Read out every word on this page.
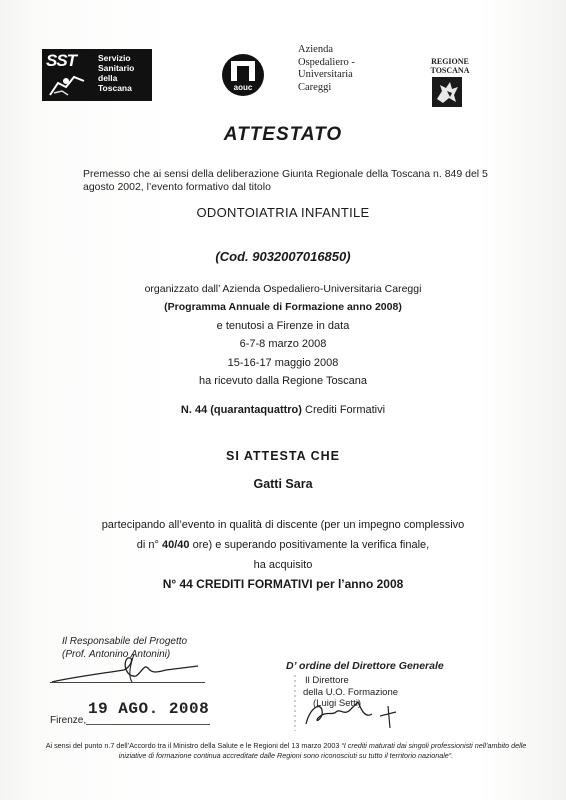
SST	Servizio
Sanitario
della
Toscana	aouc
Azienda
Ospedaliero -
Universitaria
Careggi
REGIONE
TOSCANA
ATTESTATO
Premesso che ai sensi della deliberazione Giunta Regionale della Toscana n. 849 del 5 agosto 2002, l’evento formativo dal titolo
ODONTOIATRIA INFANTILE
(Cod. 9032007016850)
organizzato dall’ Azienda Ospedaliero-Universitaria Careggi
(Programma Annuale di Formazione anno 2008)
e tenutosi a Firenze in data
6-7-8 marzo 2008
15-16-17 maggio 2008
ha ricevuto dalla Regione Toscana
N. 44 (quarantaquattro) Crediti Formativi
SI ATTESTA CHE
Gatti Sara
partecipando all’evento in qualità di discente (per un impegno complessivo
di n° 40/40 ore) e superando positivamente la verifica finale,
ha acquisito
N° 44 CREDITI FORMATIVI per l’anno 2008
Il Responsabile del Progetto
(Prof. Antonino Antonini)
Firenze,
19 AGO. 2008
D’ ordine del Direttore Generale
Il Direttore
della U.O. Formazione
(Luigi Setti)
Ai sensi del punto n.7 dell’Accordo tra il Ministro della Salute e le Regioni del 13 marzo 2003 “I crediti maturati dai singoli professionisti nell’ambito delle iniziative di formazione continua accreditate dalle Regioni sono riconosciuti su tutto il territorio nazionale”.
